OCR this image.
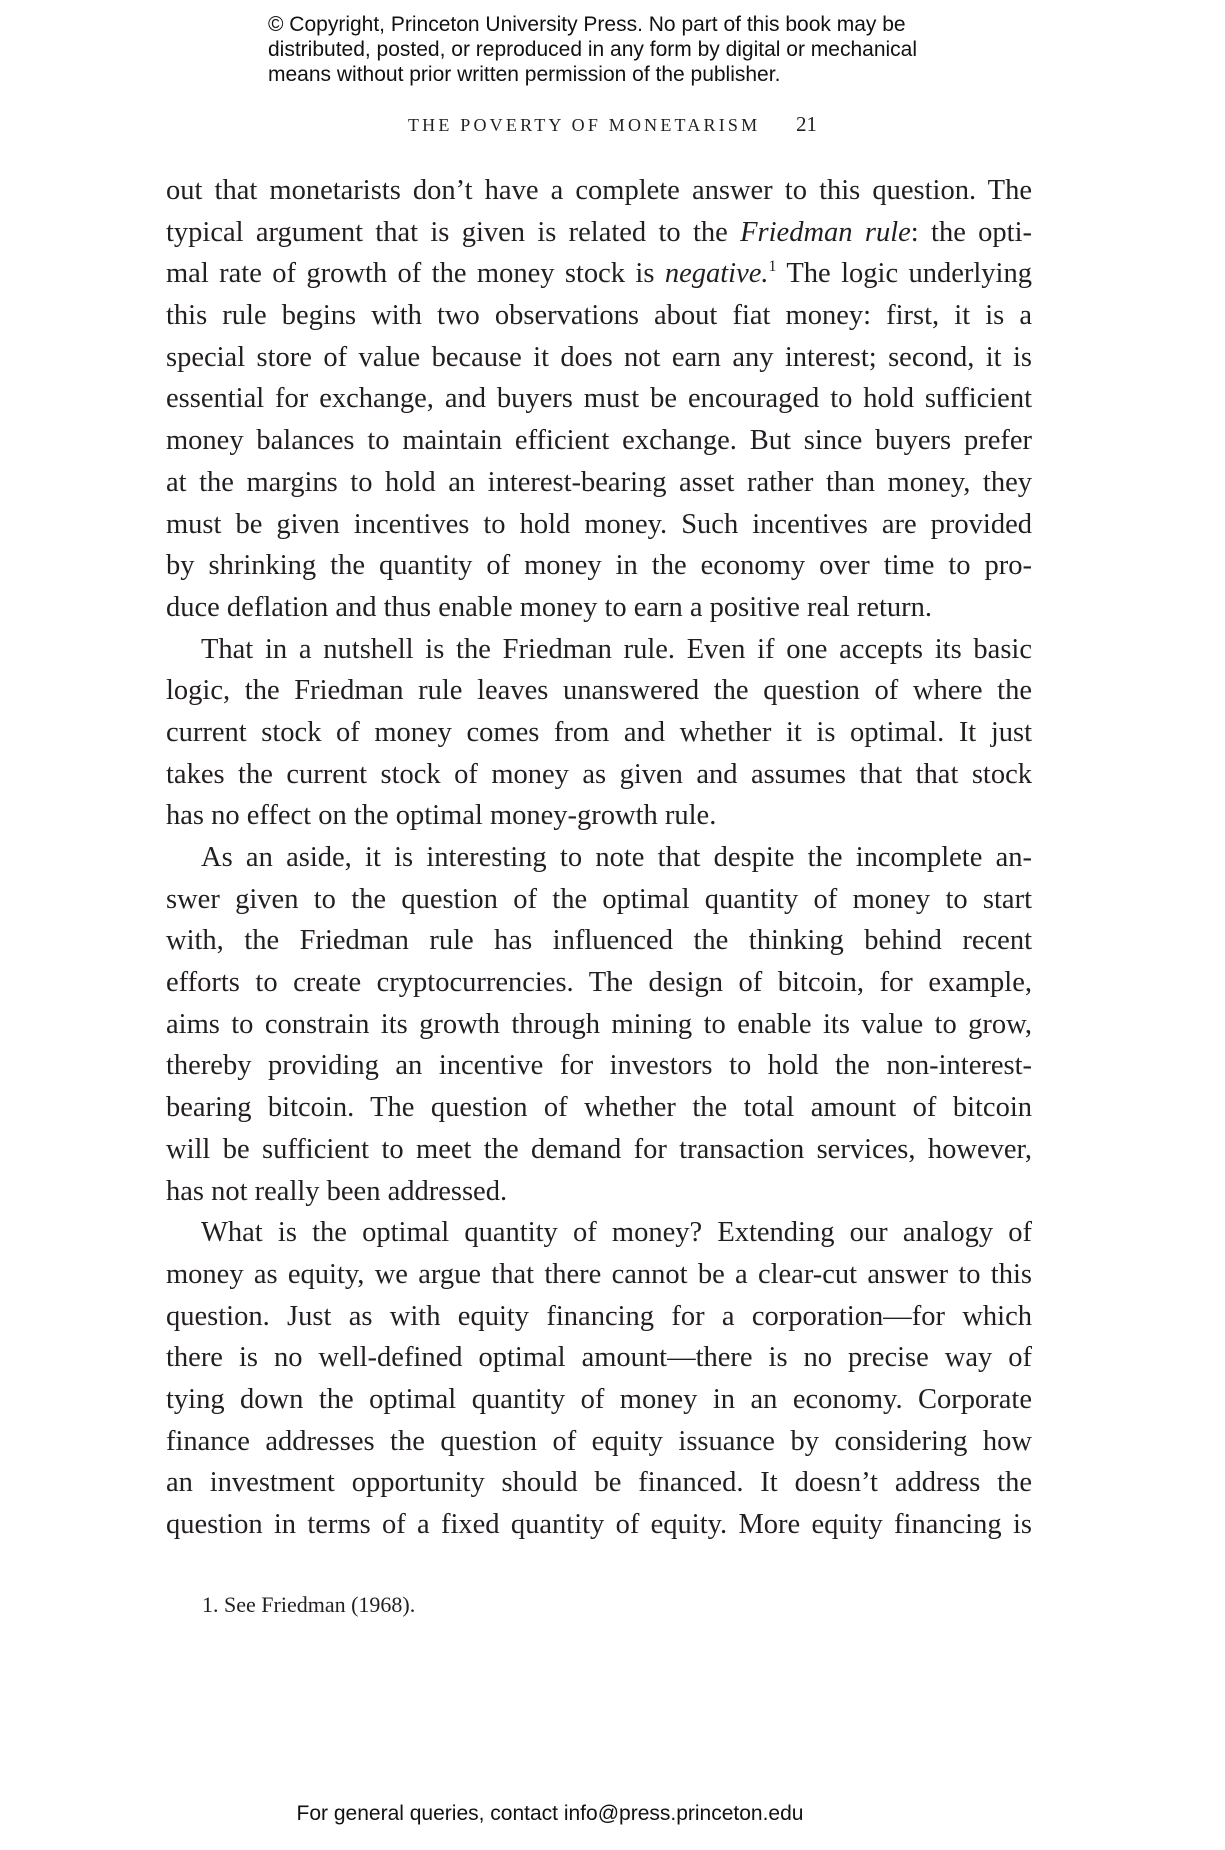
© Copyright, Princeton University Press. No part of this book may be
distributed, posted, or reproduced in any form by digital or mechanical
means without prior written permission of the publisher.
THE POVERTY OF MONETARISM 21
out that monetarists don’t have a complete answer to this question. The
typical argument that is given is related to the Friedman rule: the opti-
mal rate of growth of the money stock is negative.$^1$ The logic underlying
this rule begins with two observations about fiat money: first, it is a
special store of value because it does not earn any interest; second, it is
essential for exchange, and buyers must be encouraged to hold sufficient
money balances to maintain efficient exchange. But since buyers prefer
at the margins to hold an interest-bearing asset rather than money, they
must be given incentives to hold money. Such incentives are provided
by shrinking the quantity of money in the economy over time to pro-
duce deflation and thus enable money to earn a positive real return.
That in a nutshell is the Friedman rule. Even if one accepts its basic
logic, the Friedman rule leaves unanswered the question of where the
current stock of money comes from and whether it is optimal. It just
takes the current stock of money as given and assumes that that stock
has no effect on the optimal money-growth rule.
As an aside, it is interesting to note that despite the incomplete an-
swer given to the question of the optimal quantity of money to start
with, the Friedman rule has influenced the thinking behind recent
efforts to create cryptocurrencies. The design of bitcoin, for example,
aims to constrain its growth through mining to enable its value to grow,
thereby providing an incentive for investors to hold the non-interest-
bearing bitcoin. The question of whether the total amount of bitcoin
will be sufficient to meet the demand for transaction services, however,
has not really been addressed.
What is the optimal quantity of money? Extending our analogy of
money as equity, we argue that there cannot be a clear-cut answer to this
question. Just as with equity financing for a corporation—for which
there is no well-defined optimal amount—there is no precise way of
tying down the optimal quantity of money in an economy. Corporate
finance addresses the question of equity issuance by considering how
an investment opportunity should be financed. It doesn’t address the
question in terms of a fixed quantity of equity. More equity financing is
1. See Friedman (1968).
For general queries, contact info@press.princeton.edu
